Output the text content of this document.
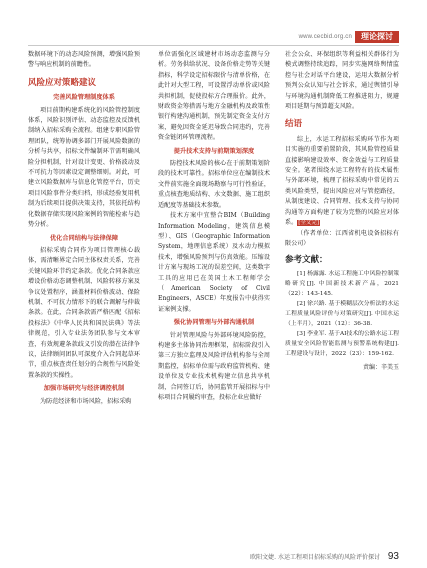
www.cecbid.org.cn	理论探讨

数据环境下的动态风险预测，增强风险预警与响应机制的前瞻性。

风险应对策略建议
完善风险管理制度体系

项目前期构建系统化的风险管控制度体系，风险识别评估、动态监控及反馈机制纳入招标采购全流程。组建专职风险管理团队，统筹协调多部门开展风险数据的分析与共享，招标文件编制环节需明确风险分担机制，针对设计变更、价格波动及不可抗力等因素设定调整细则。对此，可建立风险数据库与信息化管控平台，历史项目风险事件分类归档，形成经验复用机制为后续项目提供决策支持，其依托结构化数据存储实现风险案例的智能检索与趋势分析。

优化合同结构与法律保障

招标采购合同作为项目管理核心载体，需清晰界定合同主体权责关系，完善关键风险环节约定条款。优化合同条款应增设价格动态调整机制、风险转移方案及争议处置程序，涵盖材料价格波动、保险机制、不可抗力情形下的联合调解与仲裁条款。在此，合同条款需严格匹配《招标投标法》《中华人民共和国民法典》等法律规范，引入专业法务团队参与文本审查，有效规避条款歧义引发的潜在法律争议，法律顾问团队可深度介入合同起草环节，重点核查责任划分的合规性与风险处置条款的实操性。

加强市场研究与经济调控机制

为防范经济和市场风险，招标采购

单位需强化区域建材市场动态监测与分析。劳务供给状况、设备价格走势等关键指标，科学设定招标限价与清单价格，在此针对大型工程，可设置浮动单价或风险共担机制，促使投标方合理报价。此外，财政资金筹措需与地方金融机构及政策性银行构建沟通机制，预先制定资金支付方案，避免因资金延迟导致合同违约，完善资金链闭环管理流程。

提升技术支持与前期策划深度

防控技术风险的核心在于前期策划阶段的技术可靠性。招标单位应在编制技术文件前实施全面现场勘察与可行性验证，重点核查地质结构、水文数据、施工组织适配度等基础技术参数。

技术方案中宜整合BIM（Building Information Modeling，建筑信息模型）、GIS（Geographic Information System，地理信息系统）及水动力模拟技术，增强风险预判与仿真效能。压缩设计方案与现场工况的误差空间，这类数字工具的应用已在美国土木工程师学会（American Society of Civil Engineers，ASCE）年度报告中获得实证案例支撑。

强化协同管理与外部沟通机制

针对管理风险与外部环境风险防控，构建多主体协同治理框架，招标阶段引入第三方独立监理及风险评估机构参与全周期监控，招标单位需与政府监管机构、建设单位及专业技术机构建立信息共享机制，合同签订后，协同监管开展招标与中标项目合同履约审查，投标企业应做好

社会公众、环保组织等利益相关群体行为模式调整持续追踪，同步实施网络舆情监控与社会对话平台建设，运用大数据分析预判公众认知与社会诉求，通过舆情引导与环境沟通机制降低工程推进阻力，规避项目延期与预算超支风险。

结语

综上，水运工程招标采购环节作为项目实施的重要前置阶段，其风险管控质量直接影响建设效率、资金效益与工程质量安全。笔者围绕水运工程特有的技术属性与外部环境，梳理了招标采购中常见的五类风险类型，提出风险应对与管控路径，从制度建设、合同管理、技术支持与协同沟通等方面构建了较为完整的风险应对体系。[全文完]

（作者单位：江西省机电设备招标有限公司）

参考文献：

[1] 杨露露. 水运工程施工中风险控制策略研究[J]. 中国新技术新产品，2021（22）：143-145.

[2] 徐兴路. 基于模糊层次分析法的水运工程质量风险评价与对策研究[J]. 中国水运（上半月），2021（12）：36-38.

[3] 李业军. 基于AI技术的公路水运工程质量安全风险智能监测与预警系统构建[J]. 工程建设与设计，2022（23）：159-162.

责编：辛美玉
欧阳文婕. 水运工程项目招标采购的风险评价探讨 93
